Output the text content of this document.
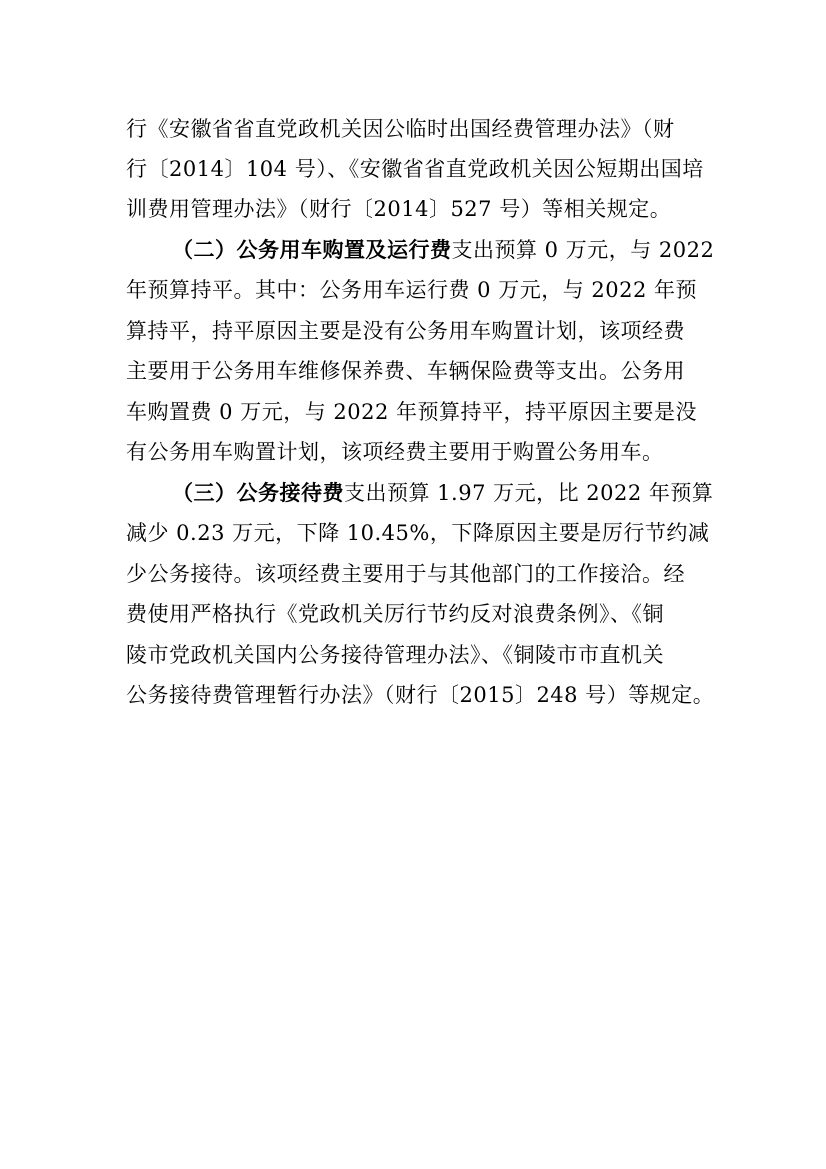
行《安徽省省直党政机关因公临时出国经费管理办法》（财
行〔2014〕104 号）、《安徽省省直党政机关因公短期出国培
训费用管理办法》（财行〔2014〕527 号）等相关规定。
（二）公务用车购置及运行费支出预算 0 万元，与 2022
年预算持平。其中：公务用车运行费 0 万元，与 2022 年预
算持平，持平原因主要是没有公务用车购置计划，该项经费
主要用于公务用车维修保养费、车辆保险费等支出。公务用
车购置费 0 万元，与 2022 年预算持平，持平原因主要是没
有公务用车购置计划，该项经费主要用于购置公务用车。
（三）公务接待费支出预算 1.97 万元，比 2022 年预算
减少 0.23 万元，下降 10.45%，下降原因主要是厉行节约减
少公务接待。该项经费主要用于与其他部门的工作接洽。经
费使用严格执行《党政机关厉行节约反对浪费条例》、《铜
陵市党政机关国内公务接待管理办法》、《铜陵市市直机关
公务接待费管理暂行办法》（财行〔2015〕248 号）等规定。
